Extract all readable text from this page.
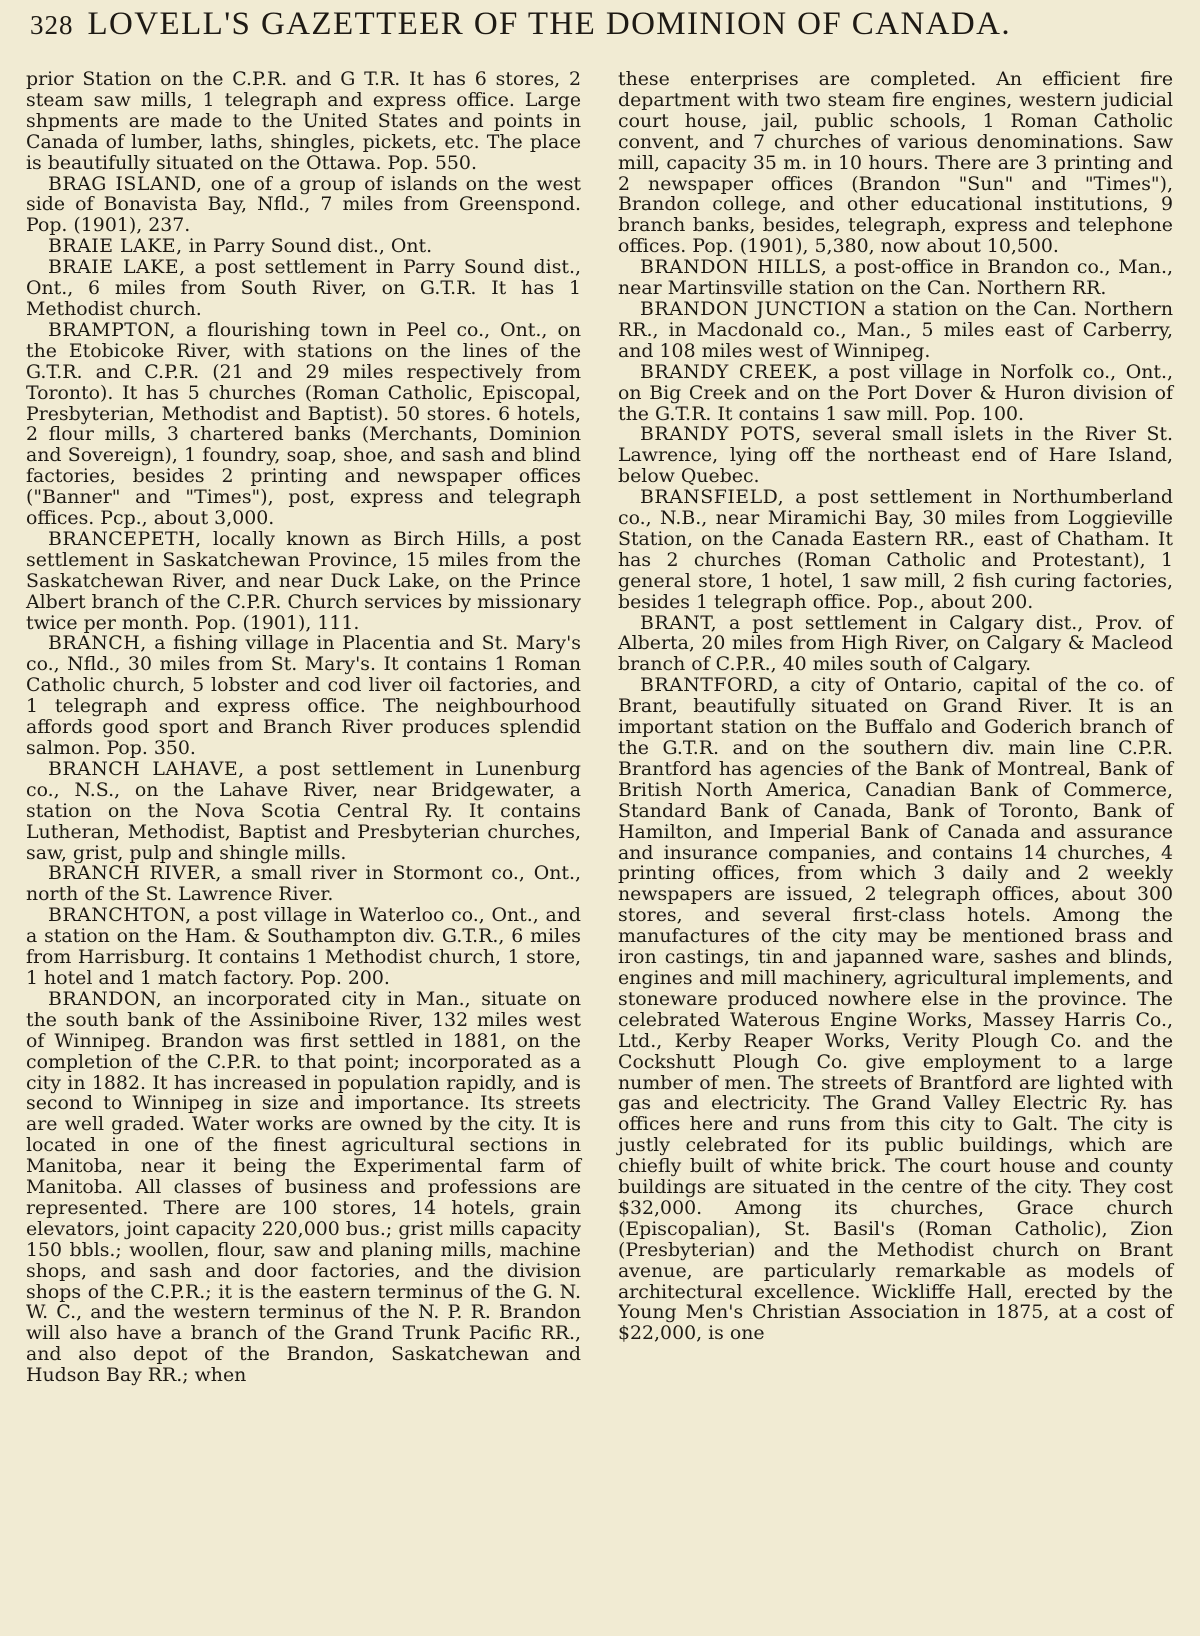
328 LOVELL'S GAZETTEER OF THE DOMINION OF CANADA.

prior Station on the C.P.R. and G T.R. It has 6 stores, 2 steam saw mills, 1 telegraph and express office. Large shpments are made to the United States and points in Canada of lumber, laths, shingles, pickets, etc. The place is beautifully situated on the Ottawa. Pop. 550.

BRAG ISLAND, one of a group of islands on the west side of Bonavista Bay, Nfld., 7 miles from Greenspond. Pop. (1901), 237.

BRAIE LAKE, in Parry Sound dist., Ont.

BRAIE LAKE, a post settlement in Parry Sound dist., Ont., 6 miles from South River, on G.T.R. It has 1 Methodist church.

BRAMPTON, a flourishing town in Peel co., Ont., on the Etobicoke River, with stations on the lines of the G.T.R. and C.P.R. (21 and 29 miles respectively from Toronto). It has 5 churches (Roman Catholic, Episcopal, Presbyterian, Methodist and Baptist). 50 stores. 6 hotels, 2 flour mills, 3 chartered banks (Merchants, Dominion and Sovereign), 1 foundry, soap, shoe, and sash and blind factories, besides 2 printing and newspaper offices ("Banner" and "Times"), post, express and telegraph offices. Pcp., about 3,000.

BRANCEPETH, locally known as Birch Hills, a post settlement in Saskatchewan Province, 15 miles from the Saskatchewan River, and near Duck Lake, on the Prince Albert branch of the C.P.R. Church services by missionary twice per month. Pop. (1901), 111.

BRANCH, a fishing village in Placentia and St. Mary's co., Nfld., 30 miles from St. Mary's. It contains 1 Roman Catholic church, 5 lobster and cod liver oil factories, and 1 telegraph and express office. The neighbourhood affords good sport and Branch River produces splendid salmon. Pop. 350.

BRANCH LAHAVE, a post settlement in Lunenburg co., N.S., on the Lahave River, near Bridgewater, a station on the Nova Scotia Central Ry. It contains Lutheran, Methodist, Baptist and Presbyterian churches, saw, grist, pulp and shingle mills.

BRANCH RIVER, a small river in Stormont co., Ont., north of the St. Lawrence River.

BRANCHTON, a post village in Waterloo co., Ont., and a station on the Ham. & Southampton div. G.T.R., 6 miles from Harrisburg. It contains 1 Methodist church, 1 store, 1 hotel and 1 match factory. Pop. 200.

BRANDON, an incorporated city in Man., situate on the south bank of the Assiniboine River, 132 miles west of Winnipeg. Brandon was first settled in 1881, on the completion of the C.P.R. to that point; incorporated as a city in 1882. It has increased in population rapidly, and is second to Winnipeg in size and importance. Its streets are well graded. Water works are owned by the city. It is located in one of the finest agricultural sections in Manitoba, near it being the Experimental farm of Manitoba. All classes of business and professions are represented. There are 100 stores, 14 hotels, grain elevators, joint capacity 220,000 bus.; grist mills capacity 150 bbls.; woollen, flour, saw and planing mills, machine shops, and sash and door factories, and the division shops of the C.P.R.; it is the eastern terminus of the G. N. W. C., and the western terminus of the N. P. R. Brandon will also have a branch of the Grand Trunk Pacific RR., and also depot of the Brandon, Saskatchewan and Hudson Bay RR.; when

these enterprises are completed. An efficient fire department with two steam fire engines, western judicial court house, jail, public schools, 1 Roman Catholic convent, and 7 churches of various denominations. Saw mill, capacity 35 m. in 10 hours. There are 3 printing and 2 newspaper offices (Brandon "Sun" and "Times"), Brandon college, and other educational institutions, 9 branch banks, besides, telegraph, express and telephone offices. Pop. (1901), 5,380, now about 10,500.

BRANDON HILLS, a post-office in Brandon co., Man., near Martinsville station on the Can. Northern RR.

BRANDON JUNCTION a station on the Can. Northern RR., in Macdonald co., Man., 5 miles east of Carberry, and 108 miles west of Winnipeg.

BRANDY CREEK, a post village in Norfolk co., Ont., on Big Creek and on the Port Dover & Huron division of the G.T.R. It contains 1 saw mill. Pop. 100.

BRANDY POTS, several small islets in the River St. Lawrence, lying off the northeast end of Hare Island, below Quebec.

BRANSFIELD, a post settlement in Northumberland co., N.B., near Miramichi Bay, 30 miles from Loggieville Station, on the Canada Eastern RR., east of Chatham. It has 2 churches (Roman Catholic and Protestant), 1 general store, 1 hotel, 1 saw mill, 2 fish curing factories, besides 1 telegraph office. Pop., about 200.

BRANT, a post settlement in Calgary dist., Prov. of Alberta, 20 miles from High River, on Calgary & Macleod branch of C.P.R., 40 miles south of Calgary.

BRANTFORD, a city of Ontario, capital of the co. of Brant, beautifully situated on Grand River. It is an important station on the Buffalo and Goderich branch of the G.T.R. and on the southern div. main line C.P.R. Brantford has agencies of the Bank of Montreal, Bank of British North America, Canadian Bank of Commerce, Standard Bank of Canada, Bank of Toronto, Bank of Hamilton, and Imperial Bank of Canada and assurance and insurance companies, and contains 14 churches, 4 printing offices, from which 3 daily and 2 weekly newspapers are issued, 2 telegraph offices, about 300 stores, and several first-class hotels. Among the manufactures of the city may be mentioned brass and iron castings, tin and japanned ware, sashes and blinds, engines and mill machinery, agricultural implements, and stoneware produced nowhere else in the province. The celebrated Waterous Engine Works, Massey Harris Co., Ltd., Kerby Reaper Works, Verity Plough Co. and the Cockshutt Plough Co. give employment to a large number of men. The streets of Brantford are lighted with gas and electricity. The Grand Valley Electric Ry. has offices here and runs from this city to Galt. The city is justly celebrated for its public buildings, which are chiefly built of white brick. The court house and county buildings are situated in the centre of the city. They cost $32,000. Among its churches, Grace church (Episcopalian), St. Basil's (Roman Catholic), Zion (Presbyterian) and the Methodist church on Brant avenue, are particularly remarkable as models of architectural excellence. Wickliffe Hall, erected by the Young Men's Christian Association in 1875, at a cost of $22,000, is one
